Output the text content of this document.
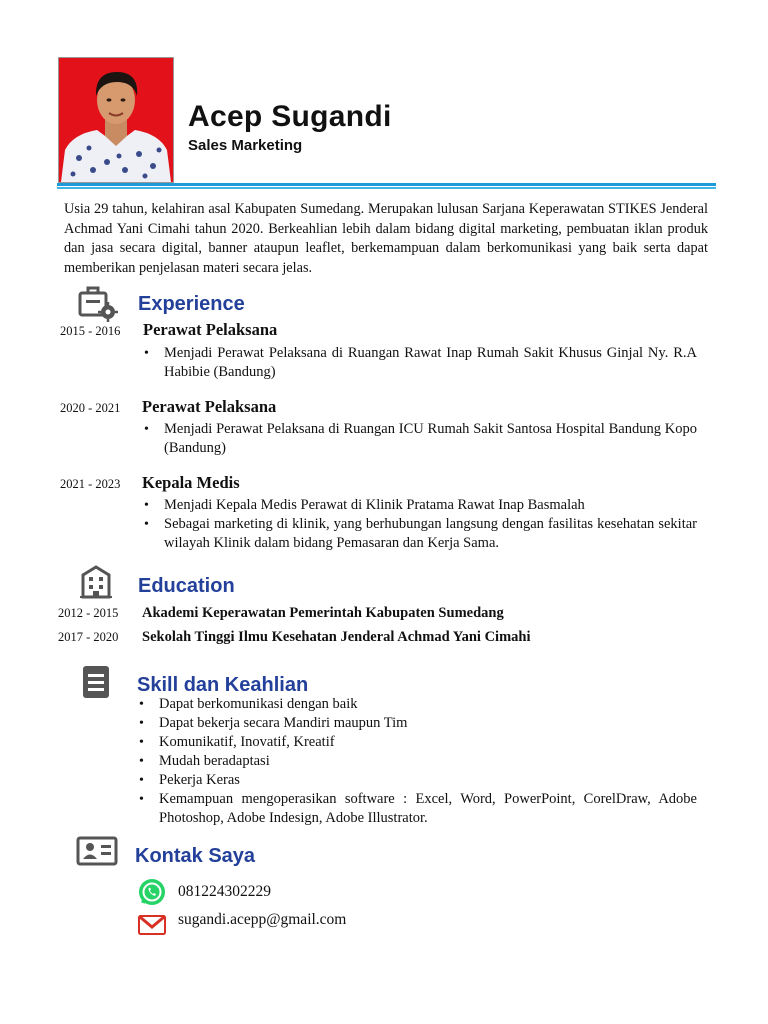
Acep Sugandi
Sales Marketing
Usia 29 tahun, kelahiran asal Kabupaten Sumedang. Merupakan lulusan Sarjana Keperawatan STIKES Jenderal Achmad Yani Cimahi tahun 2020. Berkeahlian lebih dalam bidang digital marketing, pembuatan iklan produk dan jasa secara digital, banner ataupun leaflet, berkemampuan dalam berkomunikasi yang baik serta dapat memberikan penjelasan materi secara jelas.
Experience
2015 - 2016 Perawat Pelaksana
• Menjadi Perawat Pelaksana di Ruangan Rawat Inap Rumah Sakit Khusus Ginjal Ny. R.A Habibie (Bandung)
2020 - 2021 Perawat Pelaksana
• Menjadi Perawat Pelaksana di Ruangan ICU Rumah Sakit Santosa Hospital Bandung Kopo (Bandung)
2021 - 2023 Kepala Medis
• Menjadi Kepala Medis Perawat di Klinik Pratama Rawat Inap Basmalah
• Sebagai marketing di klinik, yang berhubungan langsung dengan fasilitas kesehatan sekitar wilayah Klinik dalam bidang Pemasaran dan Kerja Sama.
Education
2012 - 2015 Akademi Keperawatan Pemerintah Kabupaten Sumedang
2017 - 2020 Sekolah Tinggi Ilmu Kesehatan Jenderal Achmad Yani Cimahi
Skill dan Keahlian
• Dapat berkomunikasi dengan baik
• Dapat bekerja secara Mandiri maupun Tim
• Komunikatif, Inovatif, Kreatif
• Mudah beradaptasi
• Pekerja Keras
• Kemampuan mengoperasikan software : Excel, Word, PowerPoint, CorelDraw, Adobe Photoshop, Adobe Indesign, Adobe Illustrator.
Kontak Saya
081224302229
sugandi.acepp@gmail.com
